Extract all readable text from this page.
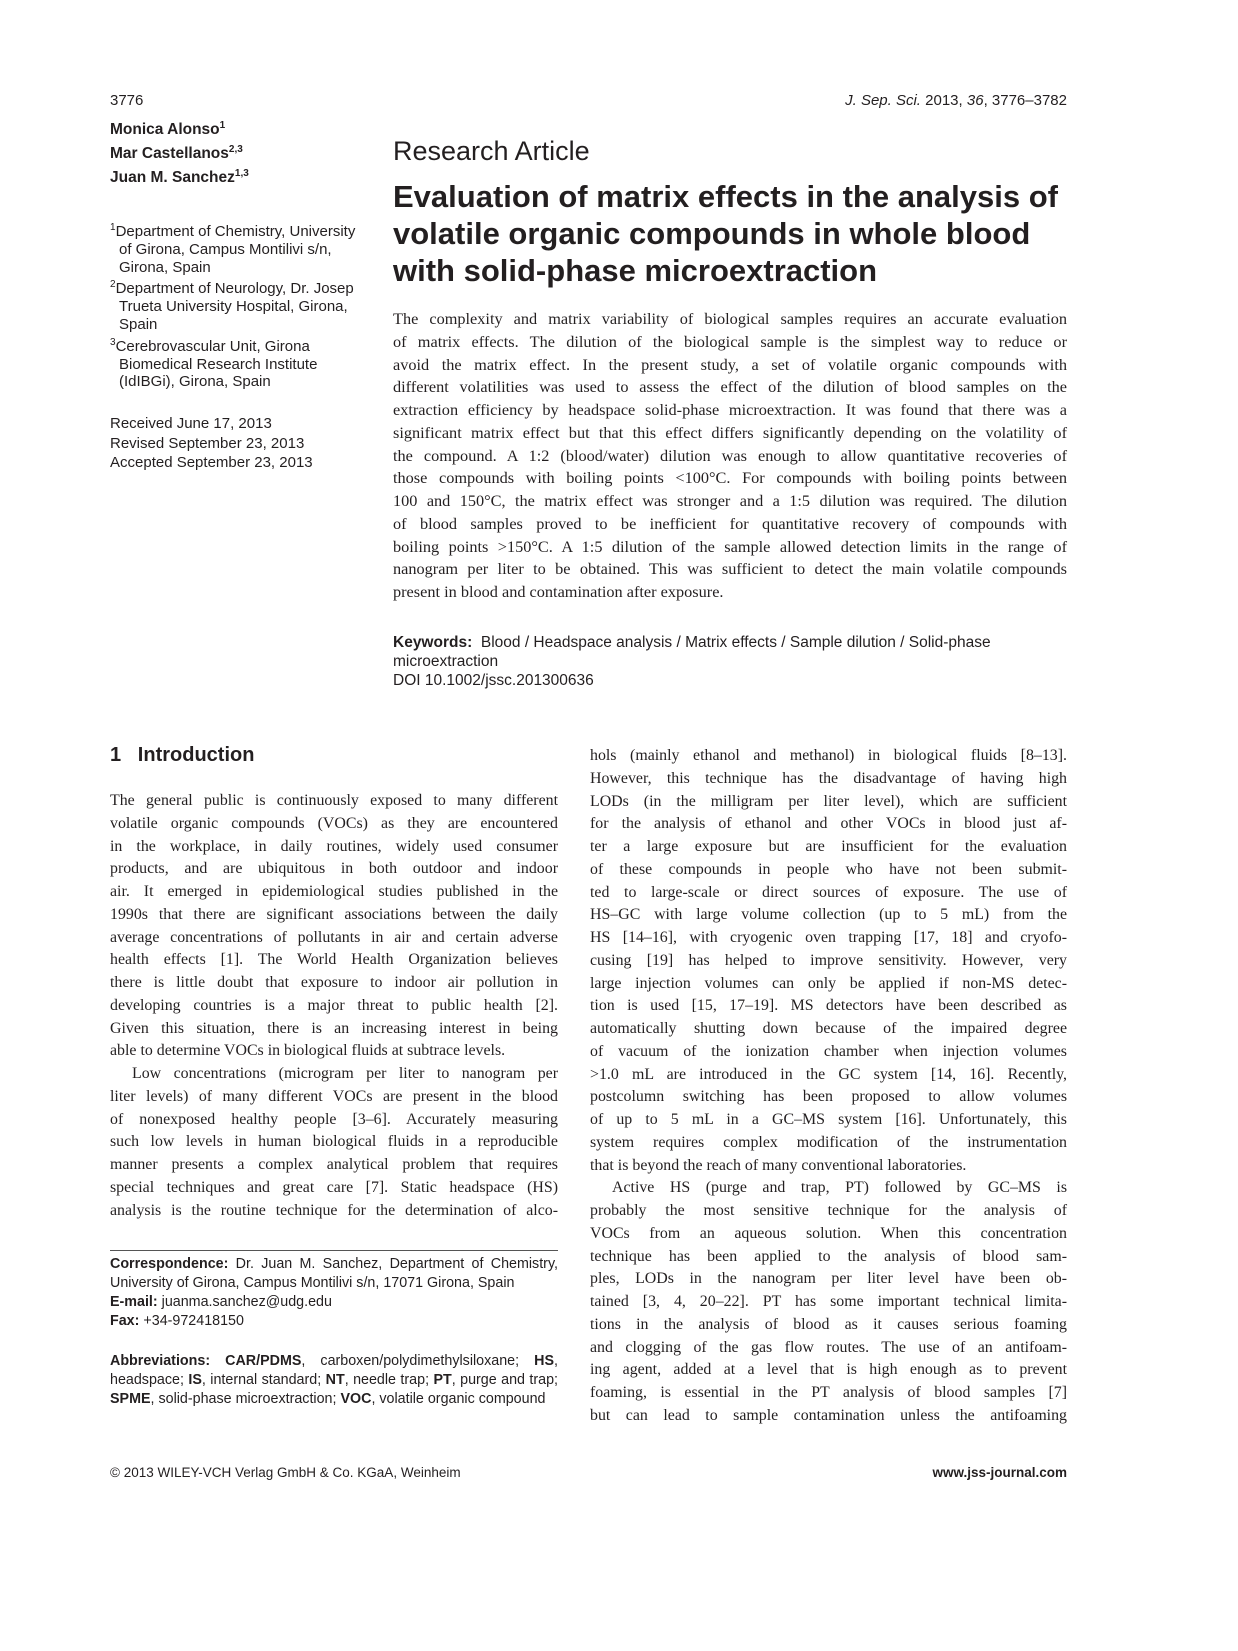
3776	J. Sep. Sci. 2013, 36, 3776–3782
Monica Alonso$^1$
Mar Castellanos$^{2,3}$
Juan M. Sanchez$^{1,3}$
$^1$Department of Chemistry, University of Girona, Campus Montilivi s/n, Girona, Spain
$^2$Department of Neurology, Dr. Josep Trueta University Hospital, Girona, Spain
$^3$Cerebrovascular Unit, Girona Biomedical Research Institute (IdIBGi), Girona, Spain
Received June 17, 2013
Revised September 23, 2013
Accepted September 23, 2013
Research Article
Evaluation of matrix effects in the analysis of volatile organic compounds in whole blood with solid-phase microextraction
The complexity and matrix variability of biological samples requires an accurate evaluation
of matrix effects. The dilution of the biological sample is the simplest way to reduce or
avoid the matrix effect. In the present study, a set of volatile organic compounds with
different volatilities was used to assess the effect of the dilution of blood samples on the
extraction efficiency by headspace solid-phase microextraction. It was found that there was a
significant matrix effect but that this effect differs significantly depending on the volatility of
the compound. A 1:2 (blood/water) dilution was enough to allow quantitative recoveries of
those compounds with boiling points <100°C. For compounds with boiling points between
100 and 150°C, the matrix effect was stronger and a 1:5 dilution was required. The dilution
of blood samples proved to be inefficient for quantitative recovery of compounds with
boiling points >150°C. A 1:5 dilution of the sample allowed detection limits in the range of
nanogram per liter to be obtained. This was sufficient to detect the main volatile compounds
present in blood and contamination after exposure.
Keywords: Blood / Headspace analysis / Matrix effects / Sample dilution / Solid-phase microextraction
DOI 10.1002/jssc.201300636
1 Introduction
The general public is continuously exposed to many different
volatile organic compounds (VOCs) as they are encountered
in the workplace, in daily routines, widely used consumer
products, and are ubiquitous in both outdoor and indoor
air. It emerged in epidemiological studies published in the
1990s that there are significant associations between the daily
average concentrations of pollutants in air and certain adverse
health effects [1]. The World Health Organization believes
there is little doubt that exposure to indoor air pollution in
developing countries is a major threat to public health [2].
Given this situation, there is an increasing interest in being
able to determine VOCs in biological fluids at subtrace levels.
Low concentrations (microgram per liter to nanogram per
liter levels) of many different VOCs are present in the blood
of nonexposed healthy people [3–6]. Accurately measuring
such low levels in human biological fluids in a reproducible
manner presents a complex analytical problem that requires
special techniques and great care [7]. Static headspace (HS)
analysis is the routine technique for the determination of alco-
hols (mainly ethanol and methanol) in biological fluids [8–13].
However, this technique has the disadvantage of having high
LODs (in the milligram per liter level), which are sufficient
for the analysis of ethanol and other VOCs in blood just af-
ter a large exposure but are insufficient for the evaluation
of these compounds in people who have not been submit-
ted to large-scale or direct sources of exposure. The use of
HS–GC with large volume collection (up to 5 mL) from the
HS [14–16], with cryogenic oven trapping [17, 18] and cryofo-
cusing [19] has helped to improve sensitivity. However, very
large injection volumes can only be applied if non-MS detec-
tion is used [15, 17–19]. MS detectors have been described as
automatically shutting down because of the impaired degree
of vacuum of the ionization chamber when injection volumes
>1.0 mL are introduced in the GC system [14, 16]. Recently,
postcolumn switching has been proposed to allow volumes
of up to 5 mL in a GC–MS system [16]. Unfortunately, this
system requires complex modification of the instrumentation
that is beyond the reach of many conventional laboratories.
Active HS (purge and trap, PT) followed by GC–MS is
probably the most sensitive technique for the analysis of
VOCs from an aqueous solution. When this concentration
technique has been applied to the analysis of blood sam-
ples, LODs in the nanogram per liter level have been ob-
tained [3, 4, 20–22]. PT has some important technical limita-
tions in the analysis of blood as it causes serious foaming
and clogging of the gas flow routes. The use of an antifoam-
ing agent, added at a level that is high enough as to prevent
foaming, is essential in the PT analysis of blood samples [7]
but can lead to sample contamination unless the antifoaming
Correspondence: Dr. Juan M. Sanchez, Department of Chemistry, University of Girona, Campus Montilivi s/n, 17071 Girona, Spain
E-mail: juanma.sanchez@udg.edu
Fax: +34-972418150
Abbreviations: CAR/PDMS, carboxen/polydimethylsiloxane; HS, headspace; IS, internal standard; NT, needle trap; PT, purge and trap; SPME, solid-phase microextraction; VOC, volatile organic compound
© 2013 WILEY-VCH Verlag GmbH & Co. KGaA, Weinheim	www.jss-journal.com
